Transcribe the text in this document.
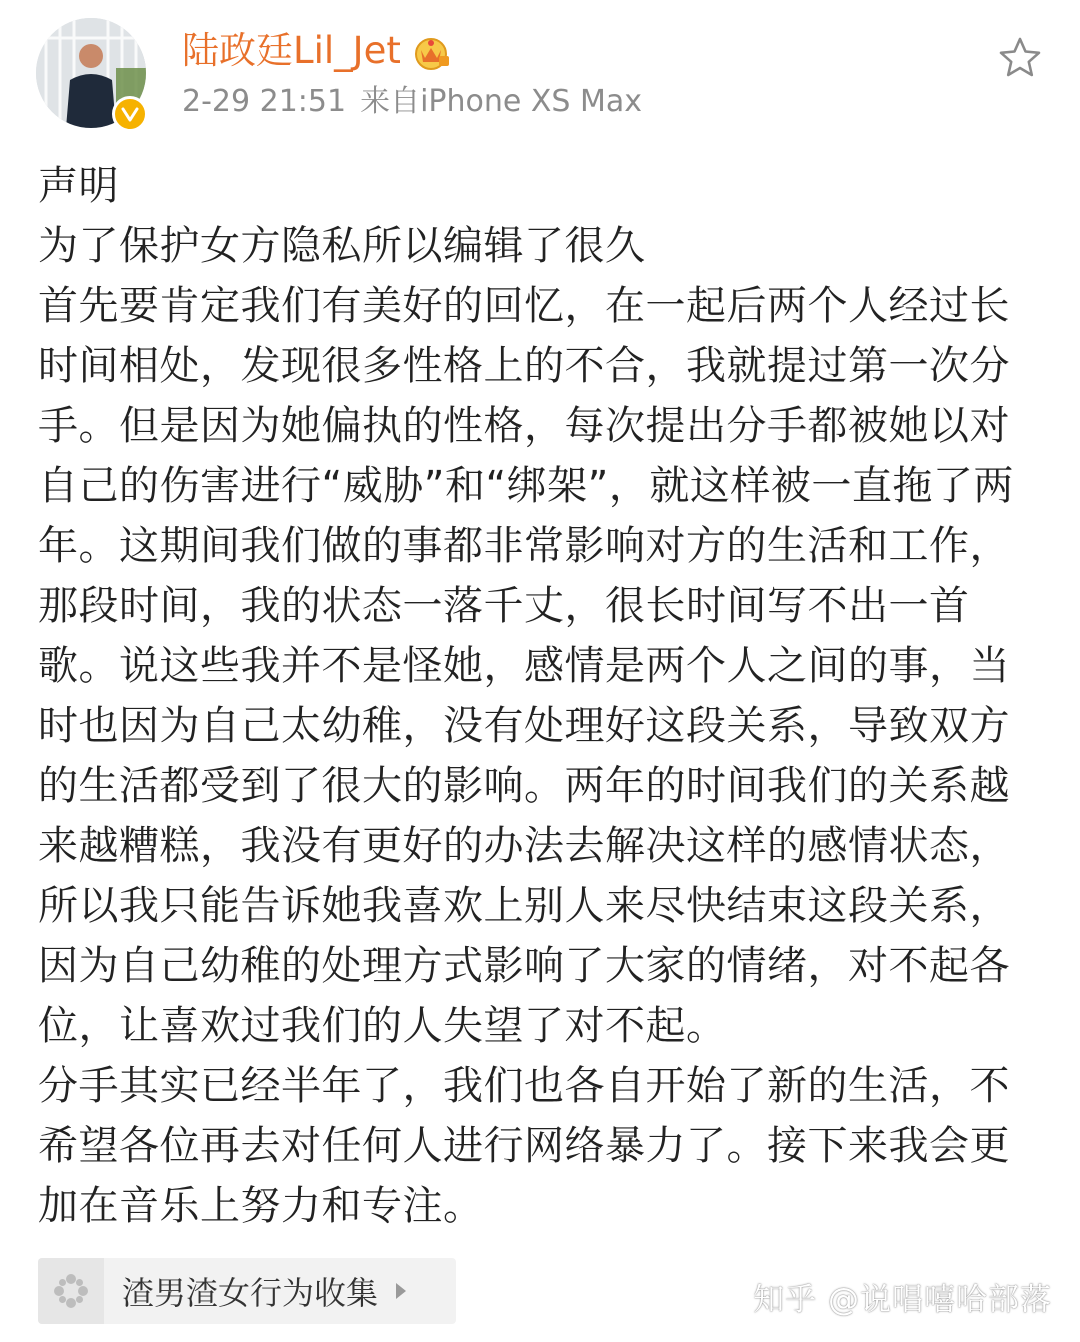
陆政廷Lil_Jet
2-29 21:51 来自iPhone XS Max
声明
为了保护女方隐私所以编辑了很久
首先要肯定我们有美好的回忆，在一起后两个人经过长
时间相处，发现很多性格上的不合，我就提过第一次分
手。但是因为她偏执的性格，每次提出分手都被她以对
自己的伤害进行“威胁”和“绑架”，就这样被一直拖了两
年。这期间我们做的事都非常影响对方的生活和工作，
那段时间，我的状态一落千丈，很长时间写不出一首
歌。说这些我并不是怪她，感情是两个人之间的事，当
时也因为自己太幼稚，没有处理好这段关系，导致双方
的生活都受到了很大的影响。两年的时间我们的关系越
来越糟糕，我没有更好的办法去解决这样的感情状态，
所以我只能告诉她我喜欢上别人来尽快结束这段关系，
因为自己幼稚的处理方式影响了大家的情绪，对不起各
位，让喜欢过我们的人失望了对不起。
分手其实已经半年了，我们也各自开始了新的生活，不
希望各位再去对任何人进行网络暴力了。接下来我会更
加在音乐上努力和专注。
渣男渣女行为收集	知乎 @说唱嘻哈部落
